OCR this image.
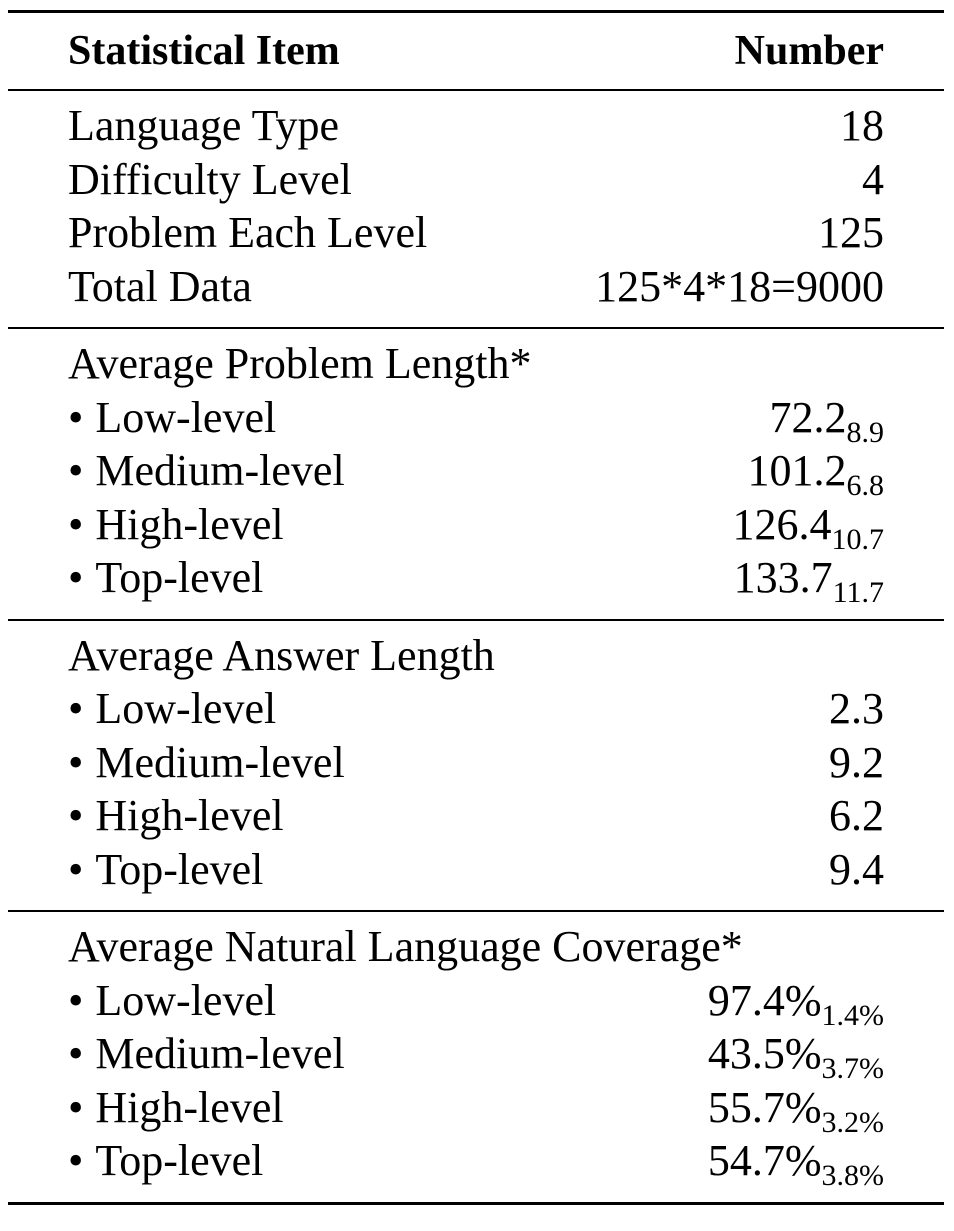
Statistical Item	Number
Language Type	18
Difficulty Level	4
Problem Each Level	125
Total Data	125*4*18=9000
Average Problem Length*
• Low-level	$72.2_{8.9}$
• Medium-level	$101.2_{6.8}$
• High-level	$126.4_{10.7}$
• Top-level	$133.7_{11.7}$
Average Answer Length
• Low-level	2.3
• Medium-level	9.2
• High-level	6.2
• Top-level	9.4
Average Natural Language Coverage*
• Low-level	$97.4\%_{1.4\%}$
• Medium-level	$43.5\%_{3.7\%}$
• High-level	$55.7\%_{3.2\%}$
• Top-level	$54.7\%_{3.8\%}$
